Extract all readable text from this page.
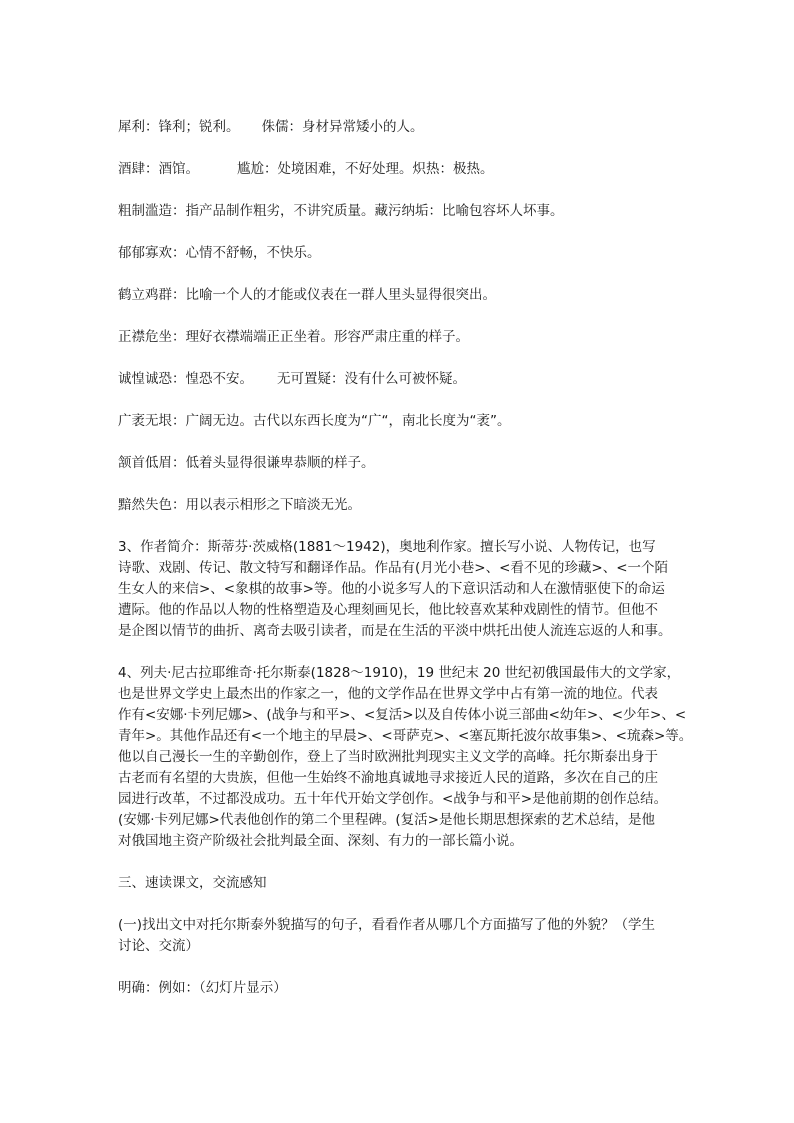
犀利：锋利；锐利。 侏儒：身材异常矮小的人。

酒肆：酒馆。	尴尬：处境困难，不好处理。炽热：极热。

粗制滥造：指产品制作粗劣，不讲究质量。藏污纳垢：比喻包容坏人坏事。

郁郁寡欢：心情不舒畅，不快乐。

鹤立鸡群：比喻一个人的才能或仪表在一群人里头显得很突出。

正襟危坐：理好衣襟端端正正坐着。形容严肃庄重的样子。

诚惶诚恐：惶恐不安。 无可置疑：没有什么可被怀疑。

广袤无垠：广阔无边。古代以东西长度为“广“，南北长度为“袤”。

颔首低眉：低着头显得很谦卑恭顺的样子。

黯然失色：用以表示相形之下暗淡无光。

3、作者简介：斯蒂芬·茨威格(1881～1942)，奥地利作家。擅长写小说、人物传记，也写
诗歌、戏剧、传记、散文特写和翻译作品。作品有(月光小巷>、<看不见的珍藏>、<一个陌
生女人的来信>、<象棋的故事>等。他的小说多写人的下意识活动和人在激情驱使下的命运
遭际。他的作品以人物的性格塑造及心理刻画见长，他比较喜欢某种戏剧性的情节。但他不
是企图以情节的曲折、离奇去吸引读者，而是在生活的平淡中烘托出使人流连忘返的人和事。
4、列夫·尼古拉耶维奇·托尔斯泰(1828～1910)，19 世纪末 20 世纪初俄国最伟大的文学家，
也是世界文学史上最杰出的作家之一，他的文学作品在世界文学中占有第一流的地位。代表
作有<安娜·卡列尼娜>、(战争与和平>、<复活>以及自传体小说三部曲<幼年>、<少年>、<
青年>。其他作品还有<一个地主的早晨>、<哥萨克>、<塞瓦斯托波尔故事集>、<琉森>等。
他以自己漫长一生的辛勤创作，登上了当时欧洲批判现实主义文学的高峰。托尔斯泰出身于
古老而有名望的大贵族，但他一生始终不渝地真诚地寻求接近人民的道路，多次在自己的庄
园进行改革，不过都没成功。五十年代开始文学创作。<战争与和平>是他前期的创作总结。
(安娜·卡列尼娜>代表他创作的第二个里程碑。(复活>是他长期思想探索的艺术总结，是他
对俄国地主资产阶级社会批判最全面、深刻、有力的一部长篇小说。

三、速读课文，交流感知

(一)找出文中对托尔斯泰外貌描写的句子，看看作者从哪几个方面描写了他的外貌？（学生
讨论、交流）

明确：例如：（幻灯片显示）
